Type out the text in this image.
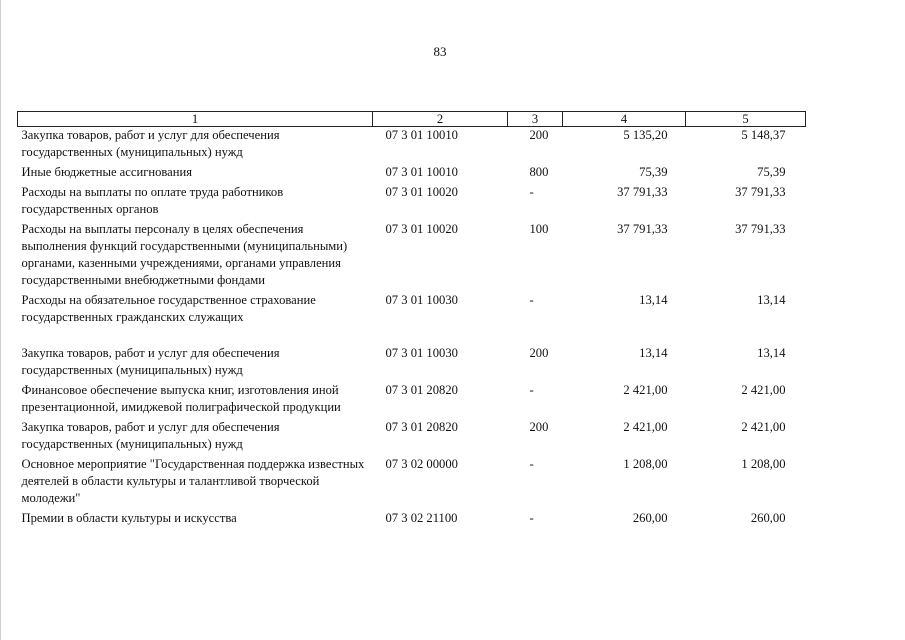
83
1	2	3	4	5
Закупка товаров, работ и услуг для обеспечения государственных (муниципальных) нужд	07 3 01 10010	200	5 135,20	5 148,37
Иные бюджетные ассигнования	07 3 01 10010	800	75,39	75,39
Расходы на выплаты по оплате труда работников государственных органов	07 3 01 10020	-	37 791,33	37 791,33
Расходы на выплаты персоналу в целях обеспечения выполнения функций государственными (муниципальными) органами, казенными учреждениями, органами управления государственными внебюджетными фондами	07 3 01 10020	100	37 791,33	37 791,33
Расходы на обязательное государственное страхование государственных гражданских служащих	07 3 01 10030	-	13,14	13,14
Закупка товаров, работ и услуг для обеспечения государственных (муниципальных) нужд	07 3 01 10030	200	13,14	13,14
Финансовое обеспечение выпуска книг, изготовления иной презентационной, имиджевой полиграфической продукции	07 3 01 20820	-	2 421,00	2 421,00
Закупка товаров, работ и услуг для обеспечения государственных (муниципальных) нужд	07 3 01 20820	200	2 421,00	2 421,00
Основное мероприятие "Государственная поддержка известных деятелей в области культуры и талантливой творческой молодежи"	07 3 02 00000	-	1 208,00	1 208,00
Премии в области культуры и искусства	07 3 02 21100	-	260,00	260,00
